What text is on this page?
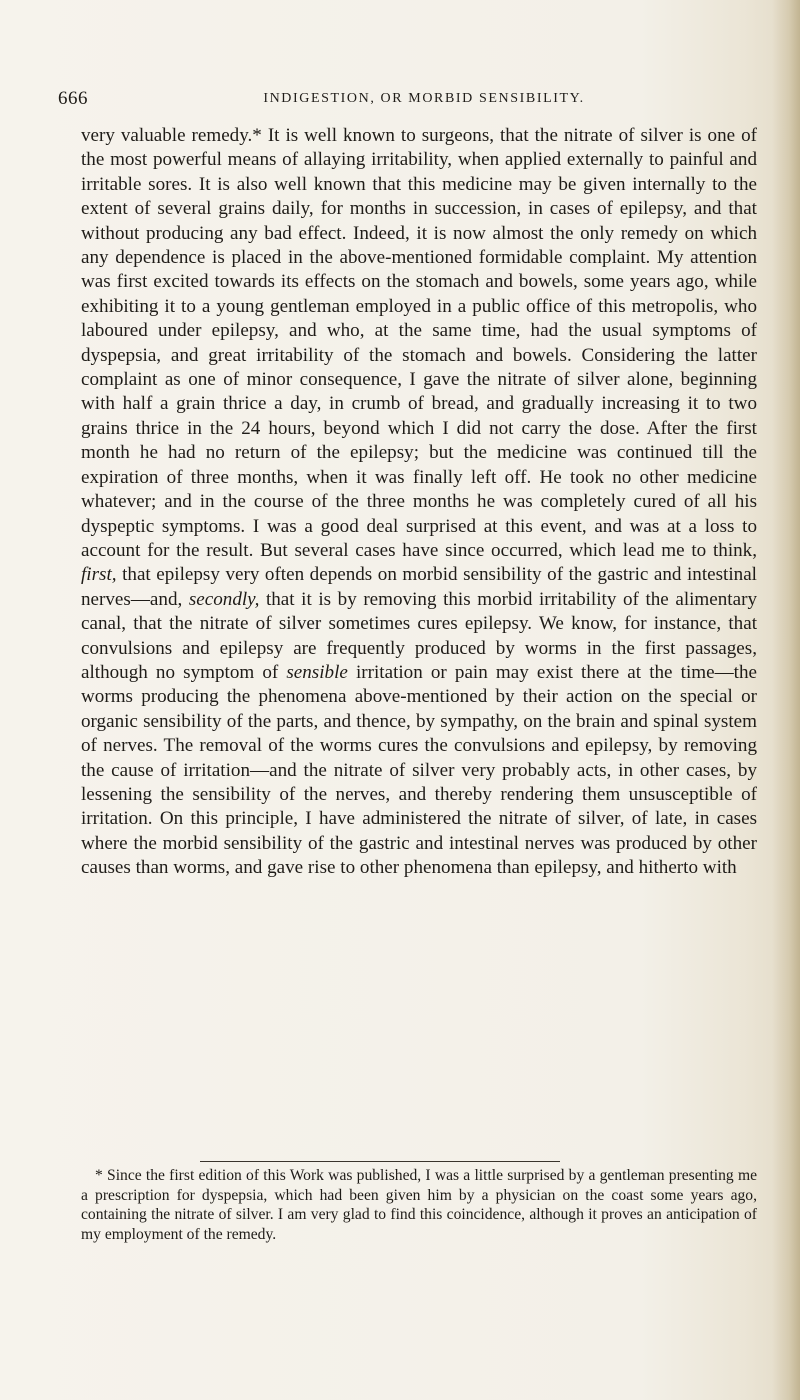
666	INDIGESTION, OR MORBID SENSIBILITY.

very valuable remedy.* It is well known to surgeons, that the nitrate of silver is one of the most powerful means of allaying irritability, when applied externally to painful and irritable sores. It is also well known that this medicine may be given internally to the extent of several grains daily, for months in succession, in cases of epilepsy, and that without producing any bad effect. Indeed, it is now almost the only remedy on which any dependence is placed in the above-mentioned formidable complaint. My attention was first excited towards its effects on the stomach and bowels, some years ago, while exhibiting it to a young gentleman employed in a public office of this metropolis, who laboured under epilepsy, and who, at the same time, had the usual symptoms of dyspepsia, and great irritability of the stomach and bowels. Considering the latter complaint as one of minor consequence, I gave the nitrate of silver alone, beginning with half a grain thrice a day, in crumb of bread, and gradually increasing it to two grains thrice in the 24 hours, beyond which I did not carry the dose. After the first month he had no return of the epilepsy; but the medicine was continued till the expiration of three months, when it was finally left off. He took no other medicine whatever; and in the course of the three months he was completely cured of all his dyspeptic symptoms. I was a good deal surprised at this event, and was at a loss to account for the result. But several cases have since occurred, which lead me to think, first, that epilepsy very often depends on morbid sensibility of the gastric and intestinal nerves—and, secondly, that it is by removing this morbid irritability of the alimentary canal, that the nitrate of silver sometimes cures epilepsy. We know, for instance, that convulsions and epilepsy are frequently produced by worms in the first passages, although no symptom of sensible irritation or pain may exist there at the time—the worms producing the phenomena above-mentioned by their action on the special or organic sensibility of the parts, and thence, by sympathy, on the brain and spinal system of nerves. The removal of the worms cures the convulsions and epilepsy, by removing the cause of irritation—and the nitrate of silver very probably acts, in other cases, by lessening the sensibility of the nerves, and thereby rendering them unsusceptible of irritation. On this principle, I have administered the nitrate of silver, of late, in cases where the morbid sensibility of the gastric and intestinal nerves was produced by other causes than worms, and gave rise to other phenomena than epilepsy, and hitherto with

* Since the first edition of this Work was published, I was a little surprised by a gentleman presenting me a prescription for dyspepsia, which had been given him by a physician on the coast some years ago, containing the nitrate of silver. I am very glad to find this coincidence, although it proves an anticipation of my employment of the remedy.
